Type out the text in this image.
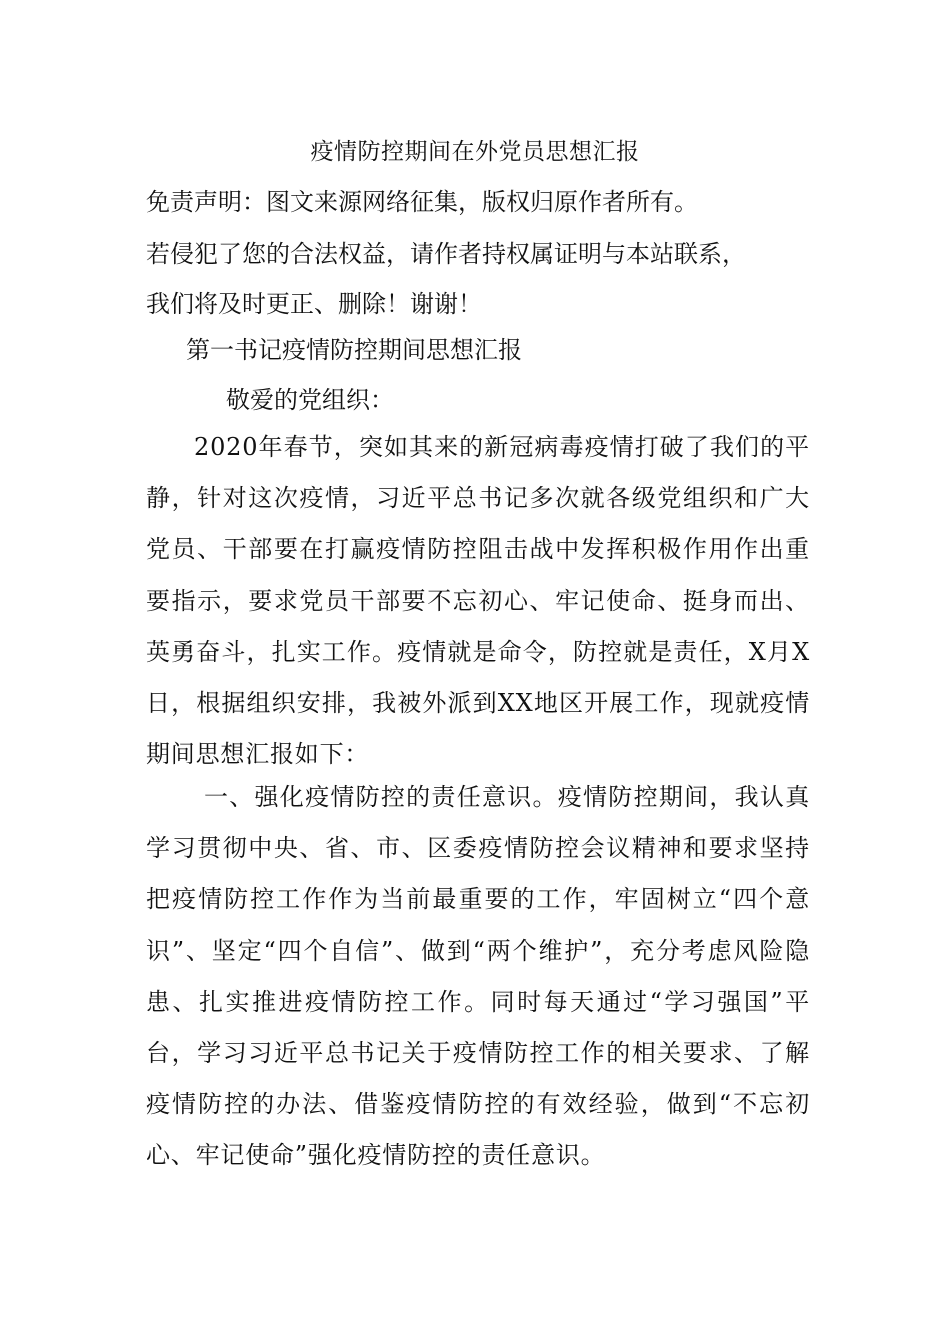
疫情防控期间在外党员思想汇报
免责声明：图文来源网络征集，版权归原作者所有。
若侵犯了您的合法权益，请作者持权属证明与本站联系，
我们将及时更正、删除！谢谢！
第一书记疫情防控期间思想汇报
敬爱的党组织：

2020年春节，突如其来的新冠病毒疫情打破了我们的平静，针对这次疫情，习近平总书记多次就各级党组织和广大党员、干部要在打赢疫情防控阻击战中发挥积极作用作出重要指示，要求党员干部要不忘初心、牢记使命、挺身而出、英勇奋斗，扎实工作。疫情就是命令，防控就是责任，X月X日，根据组织安排，我被外派到XX地区开展工作，现就疫情期间思想汇报如下：

一、强化疫情防控的责任意识。疫情防控期间，我认真学习贯彻中央、省、市、区委疫情防控会议精神和要求坚持把疫情防控工作作为当前最重要的工作，牢固树立“四个意识”、坚定“四个自信”、做到“两个维护”，充分考虑风险隐患、扎实推进疫情防控工作。同时每天通过“学习强国”平台，学习习近平总书记关于疫情防控工作的相关要求、了解疫情防控的办法、借鉴疫情防控的有效经验，做到“不忘初心、牢记使命”强化疫情防控的责任意识。
